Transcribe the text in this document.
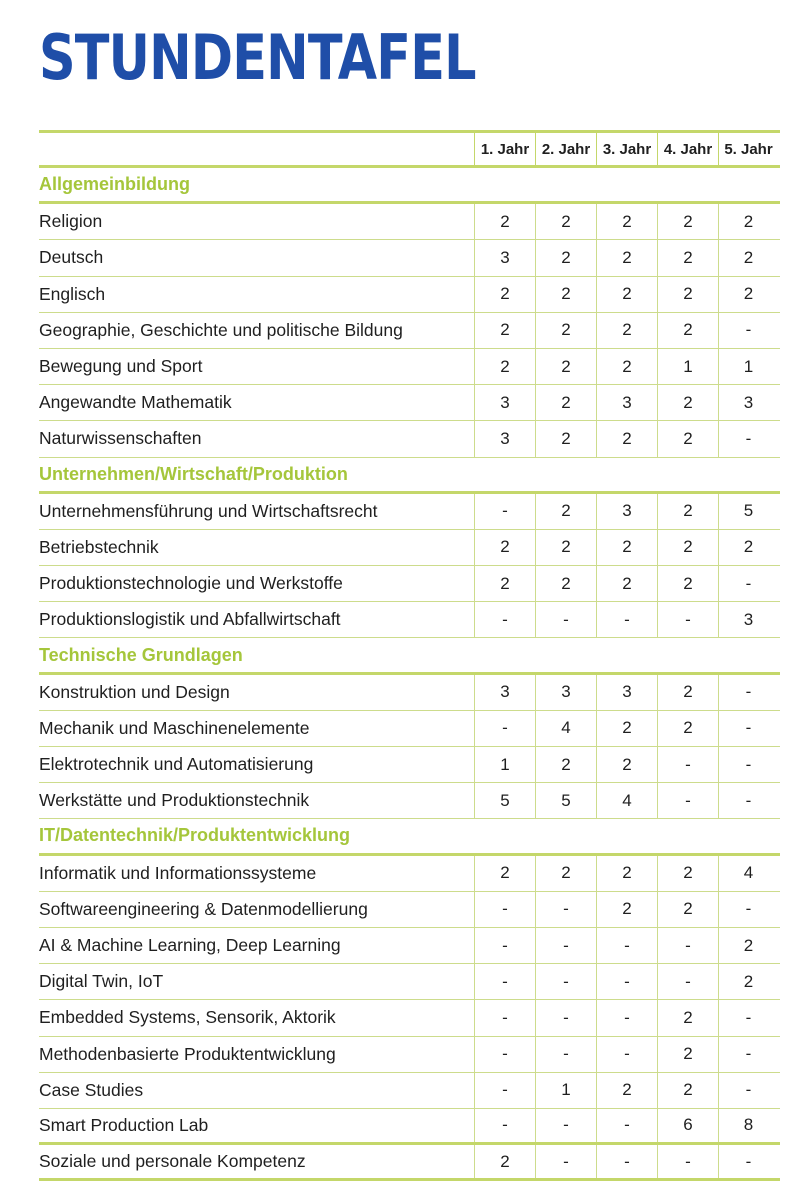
STUNDENTAFEL
1. Jahr 2. Jahr 3. Jahr 4. Jahr 5. Jahr
Allgemeinbildung
Religion	2	2	2	2	2
Deutsch	3	2	2	2	2
Englisch	2	2	2	2	2
Geographie, Geschichte und politische Bildung	2	2	2	2	-
Bewegung und Sport	2	2	2	1	1
Angewandte Mathematik	3	2	3	2	3
Naturwissenschaften	3	2	2	2	-
Unternehmen/Wirtschaft/Produktion
Unternehmensführung und Wirtschaftsrecht	-	2	3	2	5
Betriebstechnik	2	2	2	2	2
Produktionstechnologie und Werkstoffe	2	2	2	2	-
Produktionslogistik und Abfallwirtschaft	-	-	-	-	3
Technische Grundlagen
Konstruktion und Design	3	3	3	2	-
Mechanik und Maschinenelemente	-	4	2	2	-
Elektrotechnik und Automatisierung	1	2	2	-	-
Werkstätte und Produktionstechnik	5	5	4	-	-
IT/Datentechnik/Produktentwicklung
Informatik und Informationssysteme	2	2	2	2	4
Softwareengineering & Datenmodellierung	-	-	2	2	-
AI & Machine Learning, Deep Learning	-	-	-	-	2
Digital Twin, IoT	-	-	-	-	2
Embedded Systems, Sensorik, Aktorik	-	-	-	2	-
Methodenbasierte Produktentwicklung	-	-	-	2	-
Case Studies	-	1	2	2	-
Smart Production Lab	-	-	-	6	8
Soziale und personale Kompetenz	2	-	-	-	-
